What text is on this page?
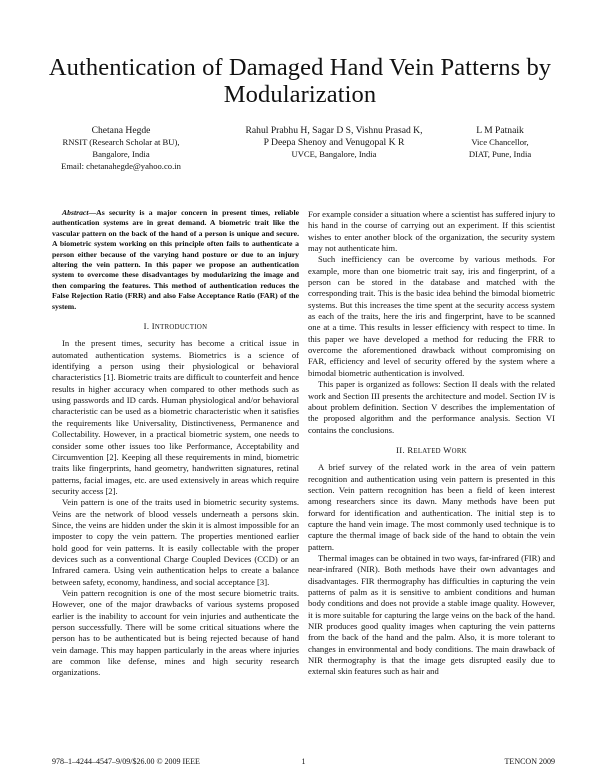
Authentication of Damaged Hand Vein Patterns by Modularization
Chetana Hegde
RNSIT (Research Scholar at BU),
Bangalore, India
Email: chetanahegde@yahoo.co.in
Rahul Prabhu H, Sagar D S, Vishnu Prasad K,
P Deepa Shenoy and Venugopal K R
UVCE, Bangalore, India
L M Patnaik
Vice Chancellor,
DIAT, Pune, India

Abstract—As security is a major concern in present times, reliable authentication systems are in great demand. A biometric trait like the vascular pattern on the back of the hand of a person is unique and secure. A biometric system working on this principle often fails to authenticate a person either because of the varying hand posture or due to an injury altering the vein pattern. In this paper we propose an authentication system to overcome these disadvantages by modularizing the image and then comparing the features. This method of authentication reduces the False Rejection Ratio (FRR) and also False Acceptance Ratio (FAR) of the system.

I. INTRODUCTION

In the present times, security has become a critical issue in automated authentication systems. Biometrics is a science of identifying a person using their physiological or behavioral characteristics [1]. Biometric traits are difficult to counterfeit and hence results in higher accuracy when compared to other methods such as using passwords and ID cards. Human physiological and/or behavioral characteristic can be used as a biometric characteristic when it satisfies the requirements like Universality, Distinctiveness, Permanence and Collectability. However, in a practical biometric system, one needs to consider some other issues too like Performance, Acceptability and Circumvention [2]. Keeping all these requirements in mind, biometric traits like fingerprints, hand geometry, handwritten signatures, retinal patterns, facial images, etc. are used extensively in areas which require security access [2].

Vein pattern is one of the traits used in biometric security systems. Veins are the network of blood vessels underneath a persons skin. Since, the veins are hidden under the skin it is almost impossible for an imposter to copy the vein pattern. The properties mentioned earlier hold good for vein patterns. It is easily collectable with the proper devices such as a conventional Charge Coupled Devices (CCD) or an Infrared camera. Using vein authentication helps to create a balance between safety, economy, handiness, and social acceptance [3].

Vein pattern recognition is one of the most secure biometric traits. However, one of the major drawbacks of various systems proposed earlier is the inability to account for vein injuries and authenticate the person successfully. There will be some critical situations where the person has to be authenticated but is being rejected because of hand vein damage. This may happen particularly in the areas where injuries are common like defense, mines and high security research organizations.

For example consider a situation where a scientist has suffered injury to his hand in the course of carrying out an experiment. If this scientist wishes to enter another block of the organization, the security system may not authenticate him.

Such inefficiency can be overcome by various methods. For example, more than one biometric trait say, iris and fingerprint, of a person can be stored in the database and matched with the corresponding trait. This is the basic idea behind the bimodal biometric systems. But this increases the time spent at the security access system as each of the traits, here the iris and fingerprint, have to be scanned one at a time. This results in lesser efficiency with respect to time. In this paper we have developed a method for reducing the FRR to overcome the aforementioned drawback without compromising on FAR, efficiency and level of security offered by the system where a bimodal biometric authentication is involved.

This paper is organized as follows: Section II deals with the related work and Section III presents the architecture and model. Section IV is about problem definition. Section V describes the implementation of the proposed algorithm and the performance analysis. Section VI contains the conclusions.

II. RELATED WORK

A brief survey of the related work in the area of vein pattern recognition and authentication using vein pattern is presented in this section. Vein pattern recognition has been a field of keen interest among researchers since its dawn. Many methods have been put forward for identification and authentication. The initial step is to capture the hand vein image. The most commonly used technique is to capture the thermal image of back side of the hand to obtain the vein pattern.

Thermal images can be obtained in two ways, far-infrared (FIR) and near-infrared (NIR). Both methods have their own advantages and disadvantages. FIR thermography has difficulties in capturing the vein patterns of palm as it is sensitive to ambient conditions and human body conditions and does not provide a stable image quality. However, it is more suitable for capturing the large veins on the back of the hand. NIR produces good quality images when capturing the vein patterns from the back of the hand and the palm. Also, it is more tolerant to changes in environmental and body conditions. The main drawback of NIR thermography is that the image gets disrupted easily due to external skin features such as hair and

978–1–4244–4547–9/09/$26.00 © 2009 IEEE	1	TENCON 2009
